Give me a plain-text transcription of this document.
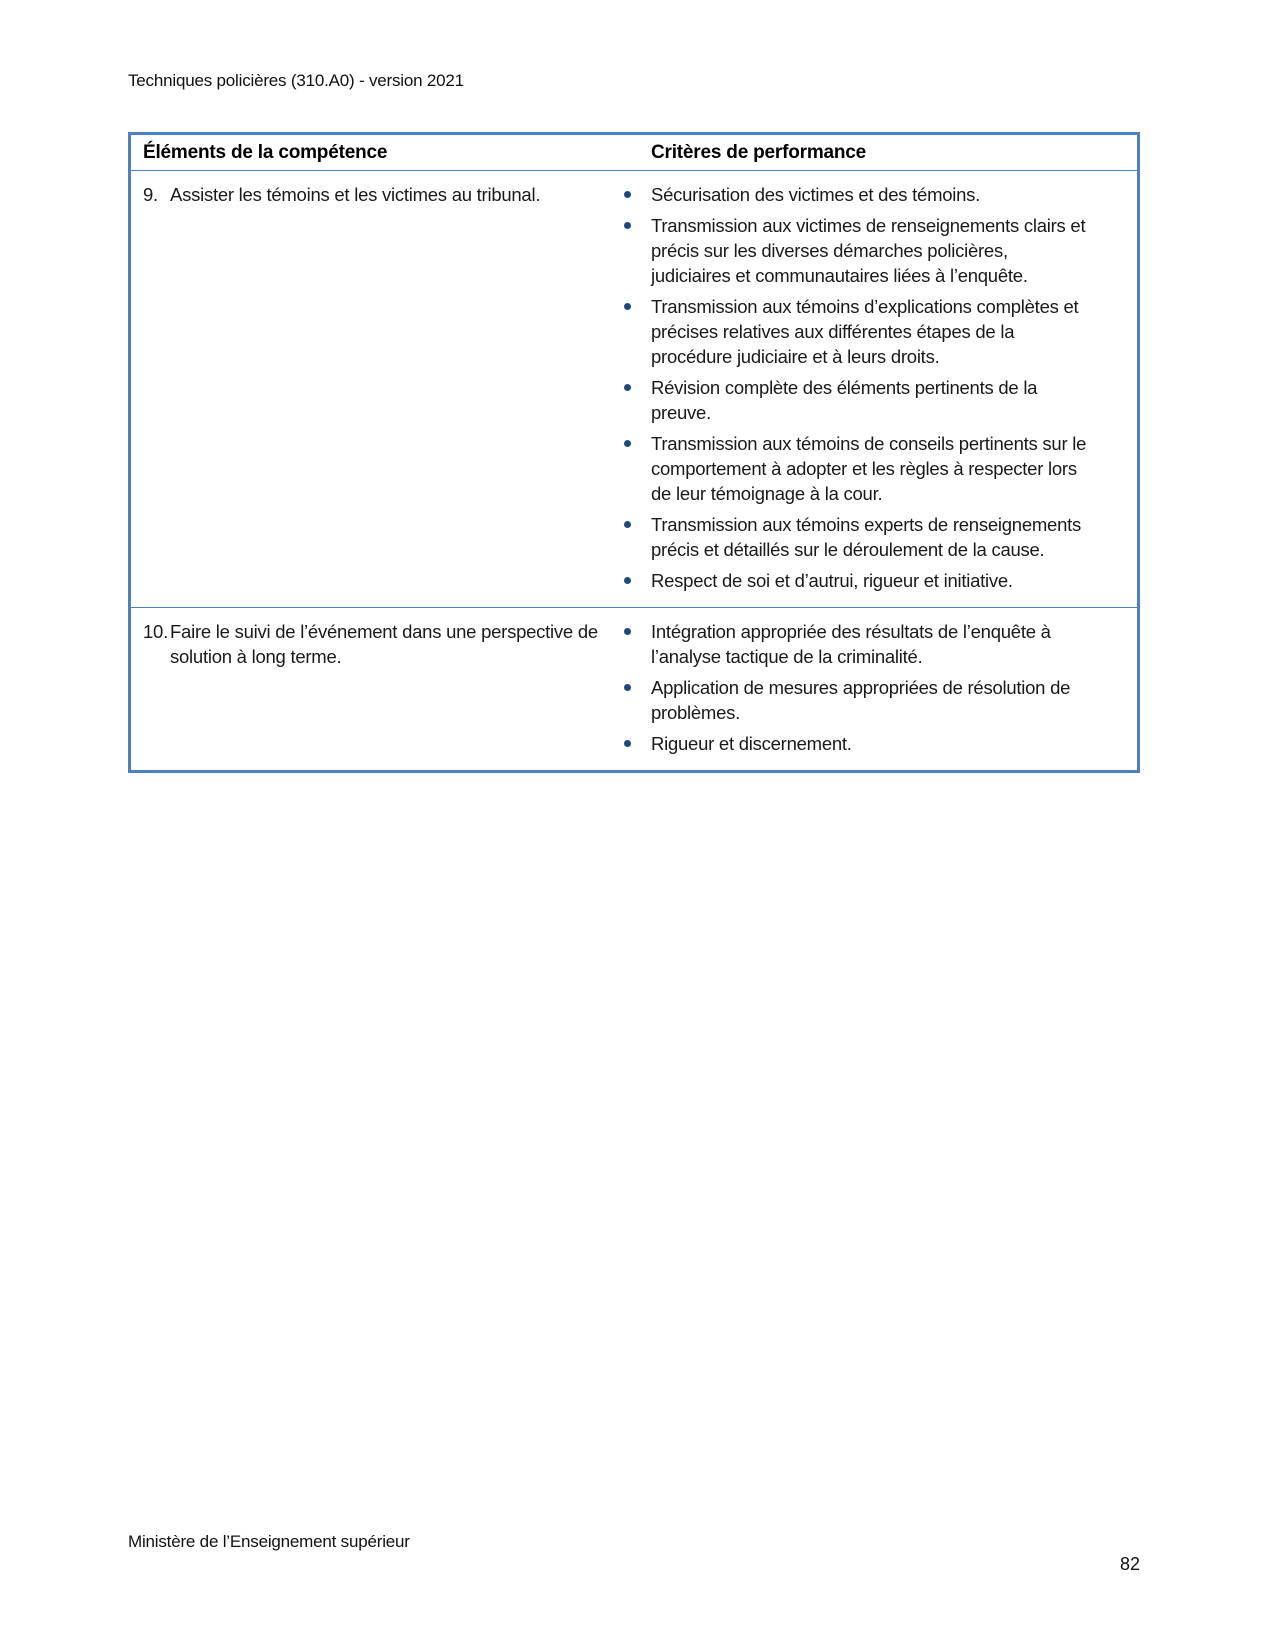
Techniques policières (310.A0) - version 2021
Éléments de la compétence	Critères de performance
9. Assister les témoins et les victimes au tribunal.	Sécurisation des victimes et des témoins.
Transmission aux victimes de renseignements clairs et précis sur les diverses démarches policières, judiciaires et communautaires liées à l’enquête.
Transmission aux témoins d’explications complètes et précises relatives aux différentes étapes de la procédure judiciaire et à leurs droits.
Révision complète des éléments pertinents de la preuve.
Transmission aux témoins de conseils pertinents sur le comportement à adopter et les règles à respecter lors de leur témoignage à la cour.
Transmission aux témoins experts de renseignements précis et détaillés sur le déroulement de la cause.
Respect de soi et d’autrui, rigueur et initiative.
10. Faire le suivi de l’événement dans une perspective de solution à long terme.
Intégration appropriée des résultats de l’enquête à l’analyse tactique de la criminalité.
Application de mesures appropriées de résolution de problèmes.
Rigueur et discernement.
Ministère de l’Enseignement supérieur
82
